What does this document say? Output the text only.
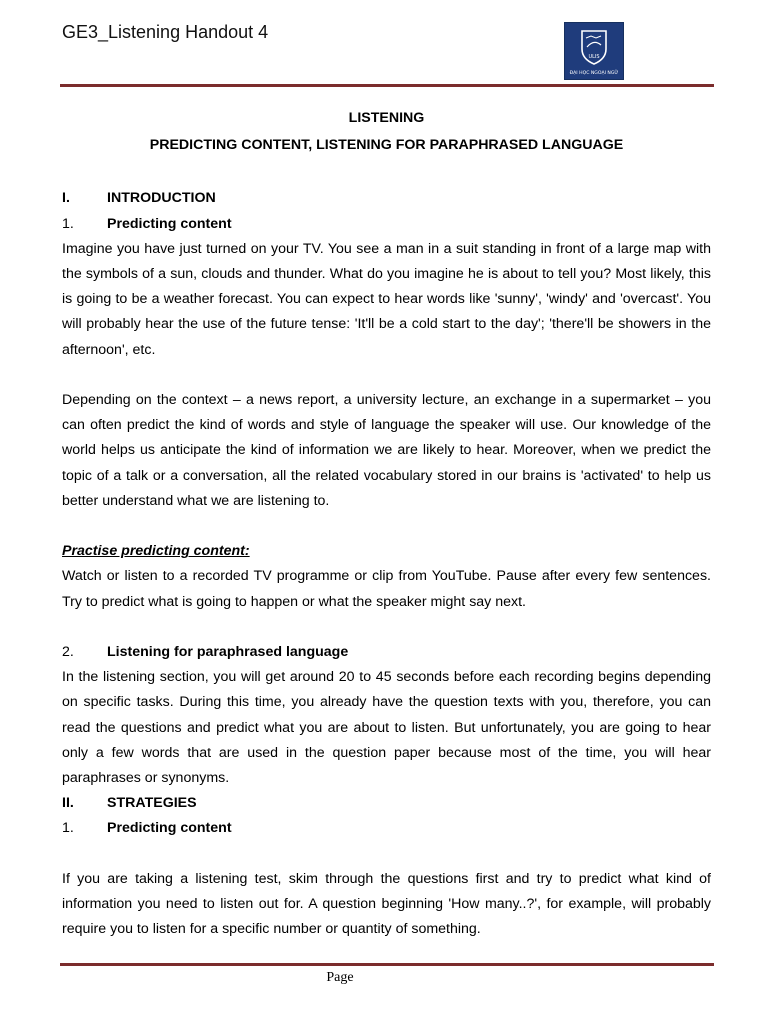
GE3_Listening Handout 4
ULIS
ĐẠI HỌC NGOẠI NGỮ
LISTENING
PREDICTING CONTENT, LISTENING FOR PARAPHRASED LANGUAGE
I.	INTRODUCTION
1.	Predicting content

Imagine you have just turned on your TV. You see a man in a suit standing in front of a large map with the symbols of a sun, clouds and thunder. What do you imagine he is about to tell you? Most likely, this is going to be a weather forecast. You can expect to hear words like 'sunny', 'windy' and 'overcast'. You will probably hear the use of the future tense: 'It'll be a cold start to the day'; 'there'll be showers in the afternoon', etc.

Depending on the context – a news report, a university lecture, an exchange in a supermarket – you can often predict the kind of words and style of language the speaker will use. Our knowledge of the world helps us anticipate the kind of information we are likely to hear. Moreover, when we predict the topic of a talk or a conversation, all the related vocabulary stored in our brains is 'activated' to help us better understand what we are listening to.

Practise predicting content:

Watch or listen to a recorded TV programme or clip from YouTube. Pause after every few sentences. Try to predict what is going to happen or what the speaker might say next.

2.	Listening for paraphrased language

In the listening section, you will get around 20 to 45 seconds before each recording begins depending on specific tasks. During this time, you already have the question texts with you, therefore, you can read the questions and predict what you are about to listen. But unfortunately, you are going to hear only a few words that are used in the question paper because most of the time, you will hear paraphrases or synonyms.

II.	STRATEGIES
1.	Predicting content

If you are taking a listening test, skim through the questions first and try to predict what kind of information you need to listen out for. A question beginning 'How many..?', for example, will probably require you to listen for a specific number or quantity of something.

Page
